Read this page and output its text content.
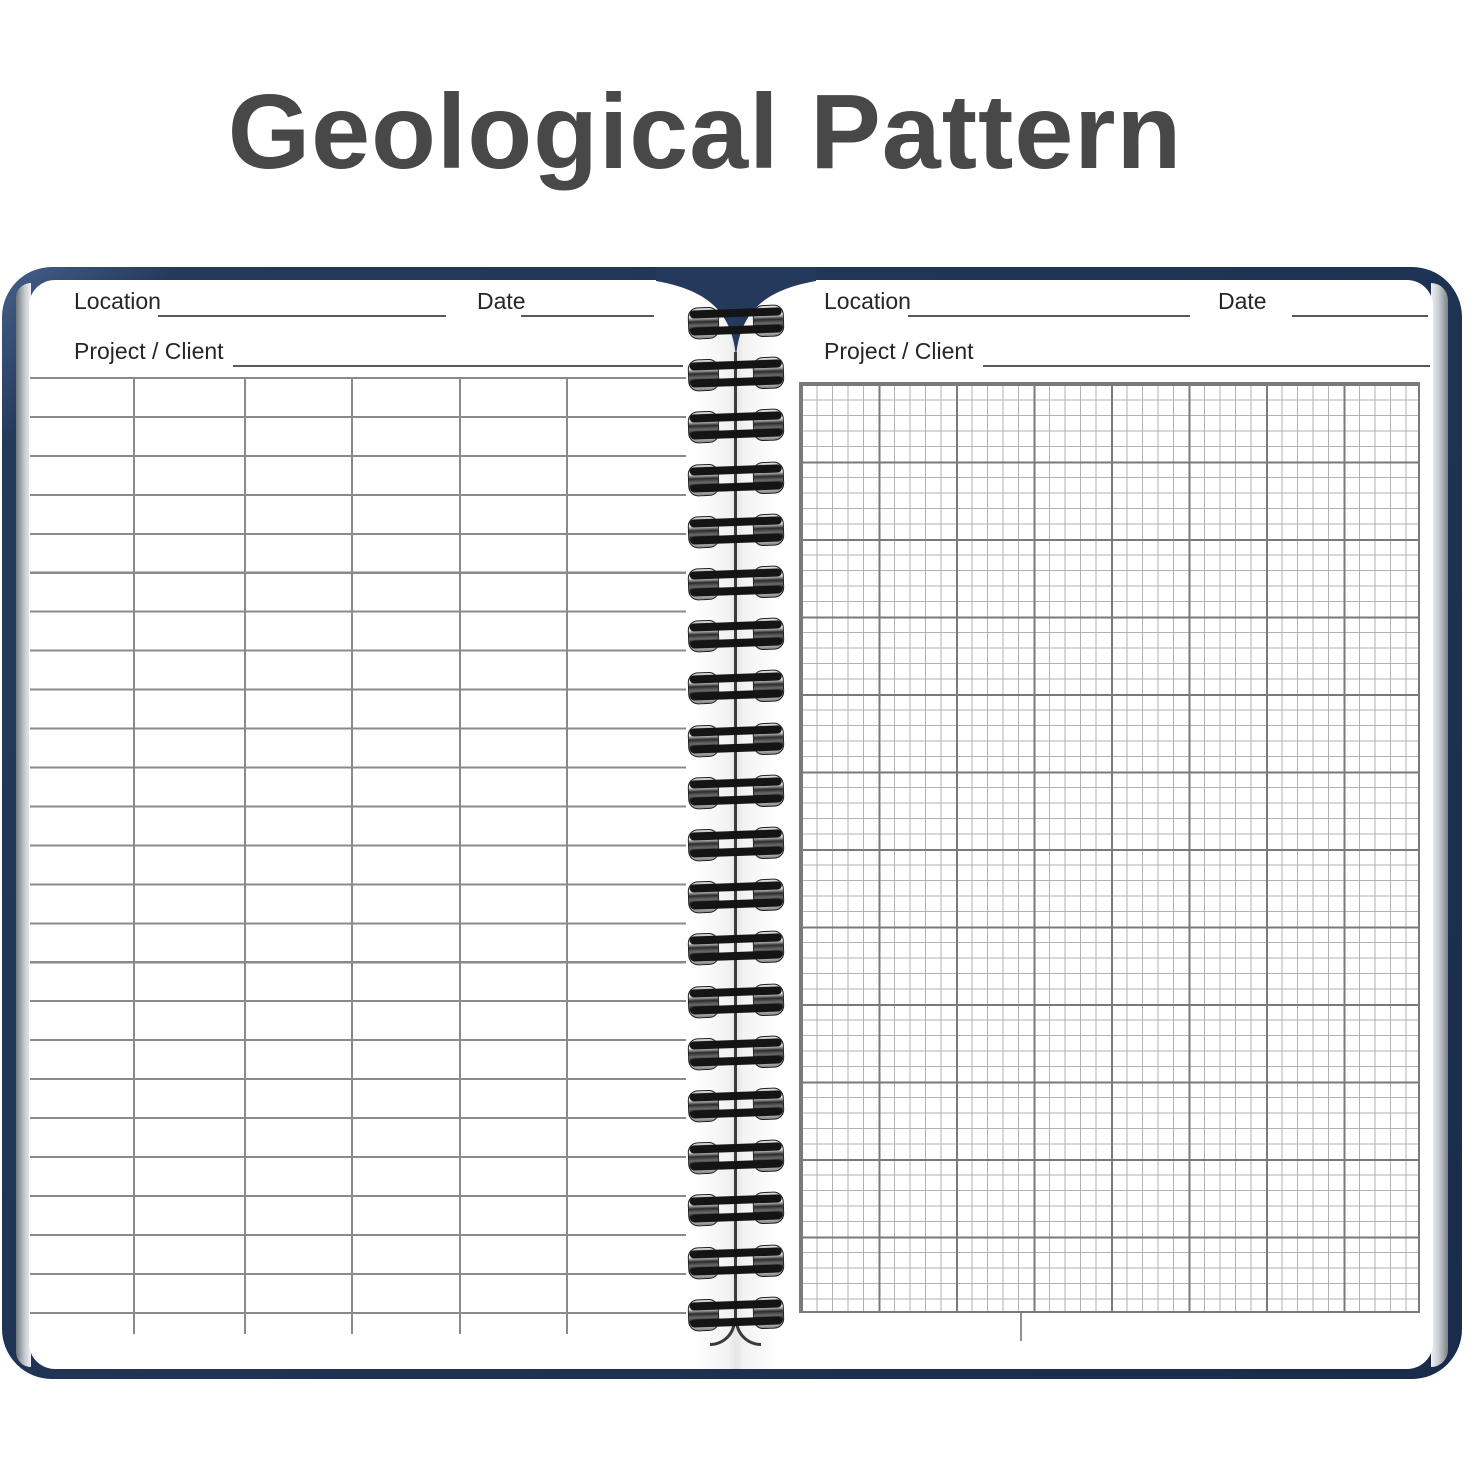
Geological Pattern
Location	Date
Project / Client
Location	Date
Project / Client
